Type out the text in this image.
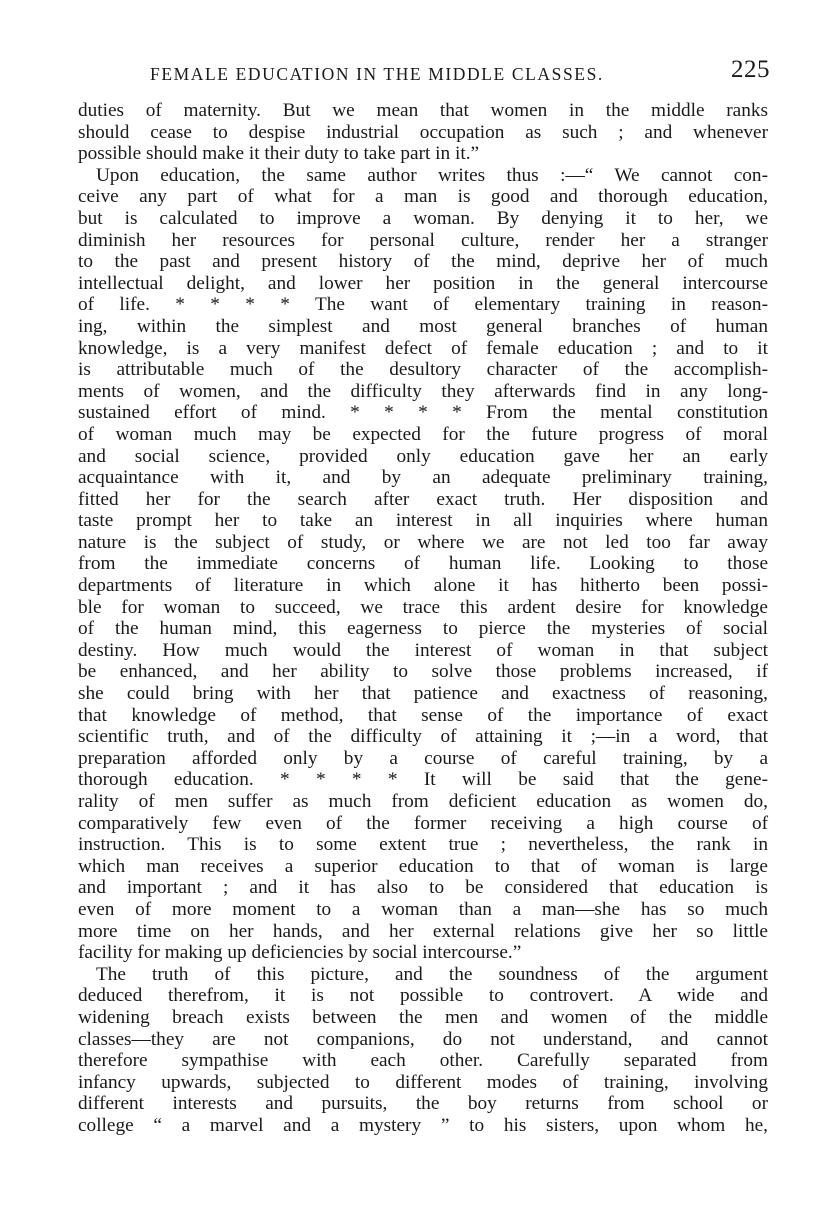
FEMALE EDUCATION IN THE MIDDLE CLASSES.	225
duties of maternity. But we mean that women in the middle ranks
should cease to despise industrial occupation as such ; and whenever
possible should make it their duty to take part in it.”
Upon education, the same author writes thus :—“ We cannot con-
ceive any part of what for a man is good and thorough education,
but is calculated to improve a woman. By denying it to her, we
diminish her resources for personal culture, render her a stranger
to the past and present history of the mind, deprive her of much
intellectual delight, and lower her position in the general intercourse
of life. * * * * The want of elementary training in reason-
ing, within the simplest and most general branches of human
knowledge, is a very manifest defect of female education ; and to it
is attributable much of the desultory character of the accomplish-
ments of women, and the difficulty they afterwards find in any long-
sustained effort of mind. * * * * From the mental constitution
of woman much may be expected for the future progress of moral
and social science, provided only education gave her an early
acquaintance with it, and by an adequate preliminary training,
fitted her for the search after exact truth. Her disposition and
taste prompt her to take an interest in all inquiries where human
nature is the subject of study, or where we are not led too far away
from the immediate concerns of human life. Looking to those
departments of literature in which alone it has hitherto been possi-
ble for woman to succeed, we trace this ardent desire for knowledge
of the human mind, this eagerness to pierce the mysteries of social
destiny. How much would the interest of woman in that subject
be enhanced, and her ability to solve those problems increased, if
she could bring with her that patience and exactness of reasoning,
that knowledge of method, that sense of the importance of exact
scientific truth, and of the difficulty of attaining it ;—in a word, that
preparation afforded only by a course of careful training, by a
thorough education. * * * * It will be said that the gene-
rality of men suffer as much from deficient education as women do,
comparatively few even of the former receiving a high course of
instruction. This is to some extent true ; nevertheless, the rank in
which man receives a superior education to that of woman is large
and important ; and it has also to be considered that education is
even of more moment to a woman than a man—she has so much
more time on her hands, and her external relations give her so little
facility for making up deficiencies by social intercourse.”
The truth of this picture, and the soundness of the argument
deduced therefrom, it is not possible to controvert. A wide and
widening breach exists between the men and women of the middle
classes—they are not companions, do not understand, and cannot
therefore sympathise with each other. Carefully separated from
infancy upwards, subjected to different modes of training, involving
different interests and pursuits, the boy returns from school or
college “ a marvel and a mystery ” to his sisters, upon whom he,
